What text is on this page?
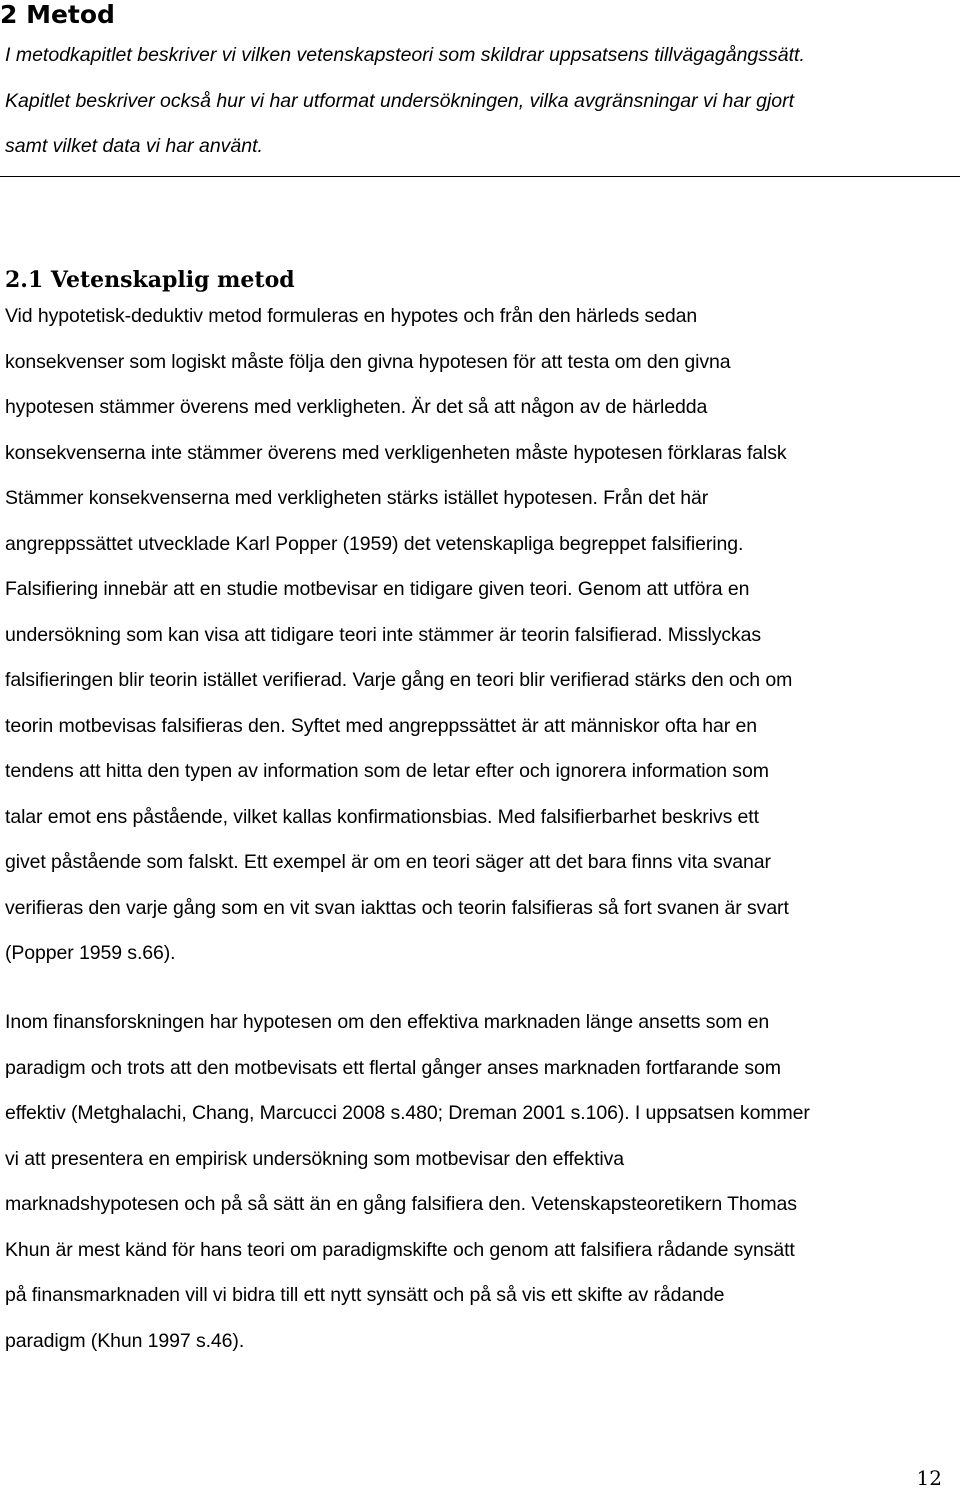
2 Metod

I metodkapitlet beskriver vi vilken vetenskapsteori som skildrar uppsatsens tillvägagångssätt.
Kapitlet beskriver också hur vi har utformat undersökningen, vilka avgränsningar vi har gjort
samt vilket data vi har använt.

2.1 Vetenskaplig metod

Vid hypotetisk-deduktiv metod formuleras en hypotes och från den härleds sedan
konsekvenser som logiskt måste följa den givna hypotesen för att testa om den givna
hypotesen stämmer överens med verkligheten. Är det så att någon av de härledda
konsekvenserna inte stämmer överens med verkligenheten måste hypotesen förklaras falsk
Stämmer konsekvenserna med verkligheten stärks istället hypotesen. Från det här
angreppssättet utvecklade Karl Popper (1959) det vetenskapliga begreppet falsifiering.
Falsifiering innebär att en studie motbevisar en tidigare given teori. Genom att utföra en
undersökning som kan visa att tidigare teori inte stämmer är teorin falsifierad. Misslyckas
falsifieringen blir teorin istället verifierad. Varje gång en teori blir verifierad stärks den och om
teorin motbevisas falsifieras den. Syftet med angreppssättet är att människor ofta har en
tendens att hitta den typen av information som de letar efter och ignorera information som
talar emot ens påstående, vilket kallas konfirmationsbias. Med falsifierbarhet beskrivs ett
givet påstående som falskt. Ett exempel är om en teori säger att det bara finns vita svanar
verifieras den varje gång som en vit svan iakttas och teorin falsifieras så fort svanen är svart
(Popper 1959 s.66).

Inom finansforskningen har hypotesen om den effektiva marknaden länge ansetts som en
paradigm och trots att den motbevisats ett flertal gånger anses marknaden fortfarande som
effektiv (Metghalachi, Chang, Marcucci 2008 s.480; Dreman 2001 s.106). I uppsatsen kommer
vi att presentera en empirisk undersökning som motbevisar den effektiva
marknadshypotesen och på så sätt än en gång falsifiera den. Vetenskapsteoretikern Thomas
Khun är mest känd för hans teori om paradigmskifte och genom att falsifiera rådande synsätt
på finansmarknaden vill vi bidra till ett nytt synsätt och på så vis ett skifte av rådande
paradigm (Khun 1997 s.46).

12
